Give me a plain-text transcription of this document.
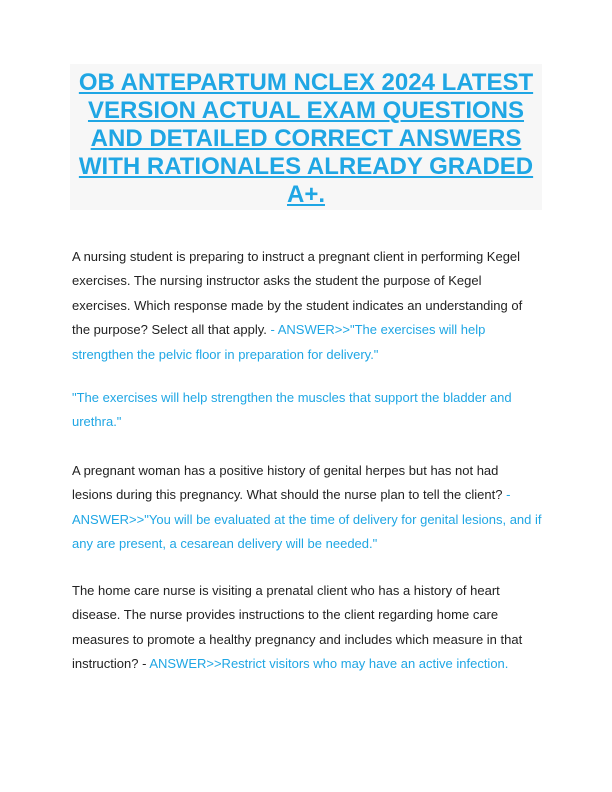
OB ANTEPARTUM NCLEX 2024 LATEST VERSION ACTUAL EXAM QUESTIONS AND DETAILED CORRECT ANSWERS WITH RATIONALES ALREADY GRADED A+.

A nursing student is preparing to instruct a pregnant client in performing Kegel exercises. The nursing instructor asks the student the purpose of Kegel exercises. Which response made by the student indicates an understanding of the purpose? Select all that apply. - ANSWER>>"The exercises will help strengthen the pelvic floor in preparation for delivery."

"The exercises will help strengthen the muscles that support the bladder and urethra."

A pregnant woman has a positive history of genital herpes but has not had lesions during this pregnancy. What should the nurse plan to tell the client? - ANSWER>>"You will be evaluated at the time of delivery for genital lesions, and if any are present, a cesarean delivery will be needed."

The home care nurse is visiting a prenatal client who has a history of heart disease. The nurse provides instructions to the client regarding home care measures to promote a healthy pregnancy and includes which measure in that instruction? - ANSWER>>Restrict visitors who may have an active infection.
